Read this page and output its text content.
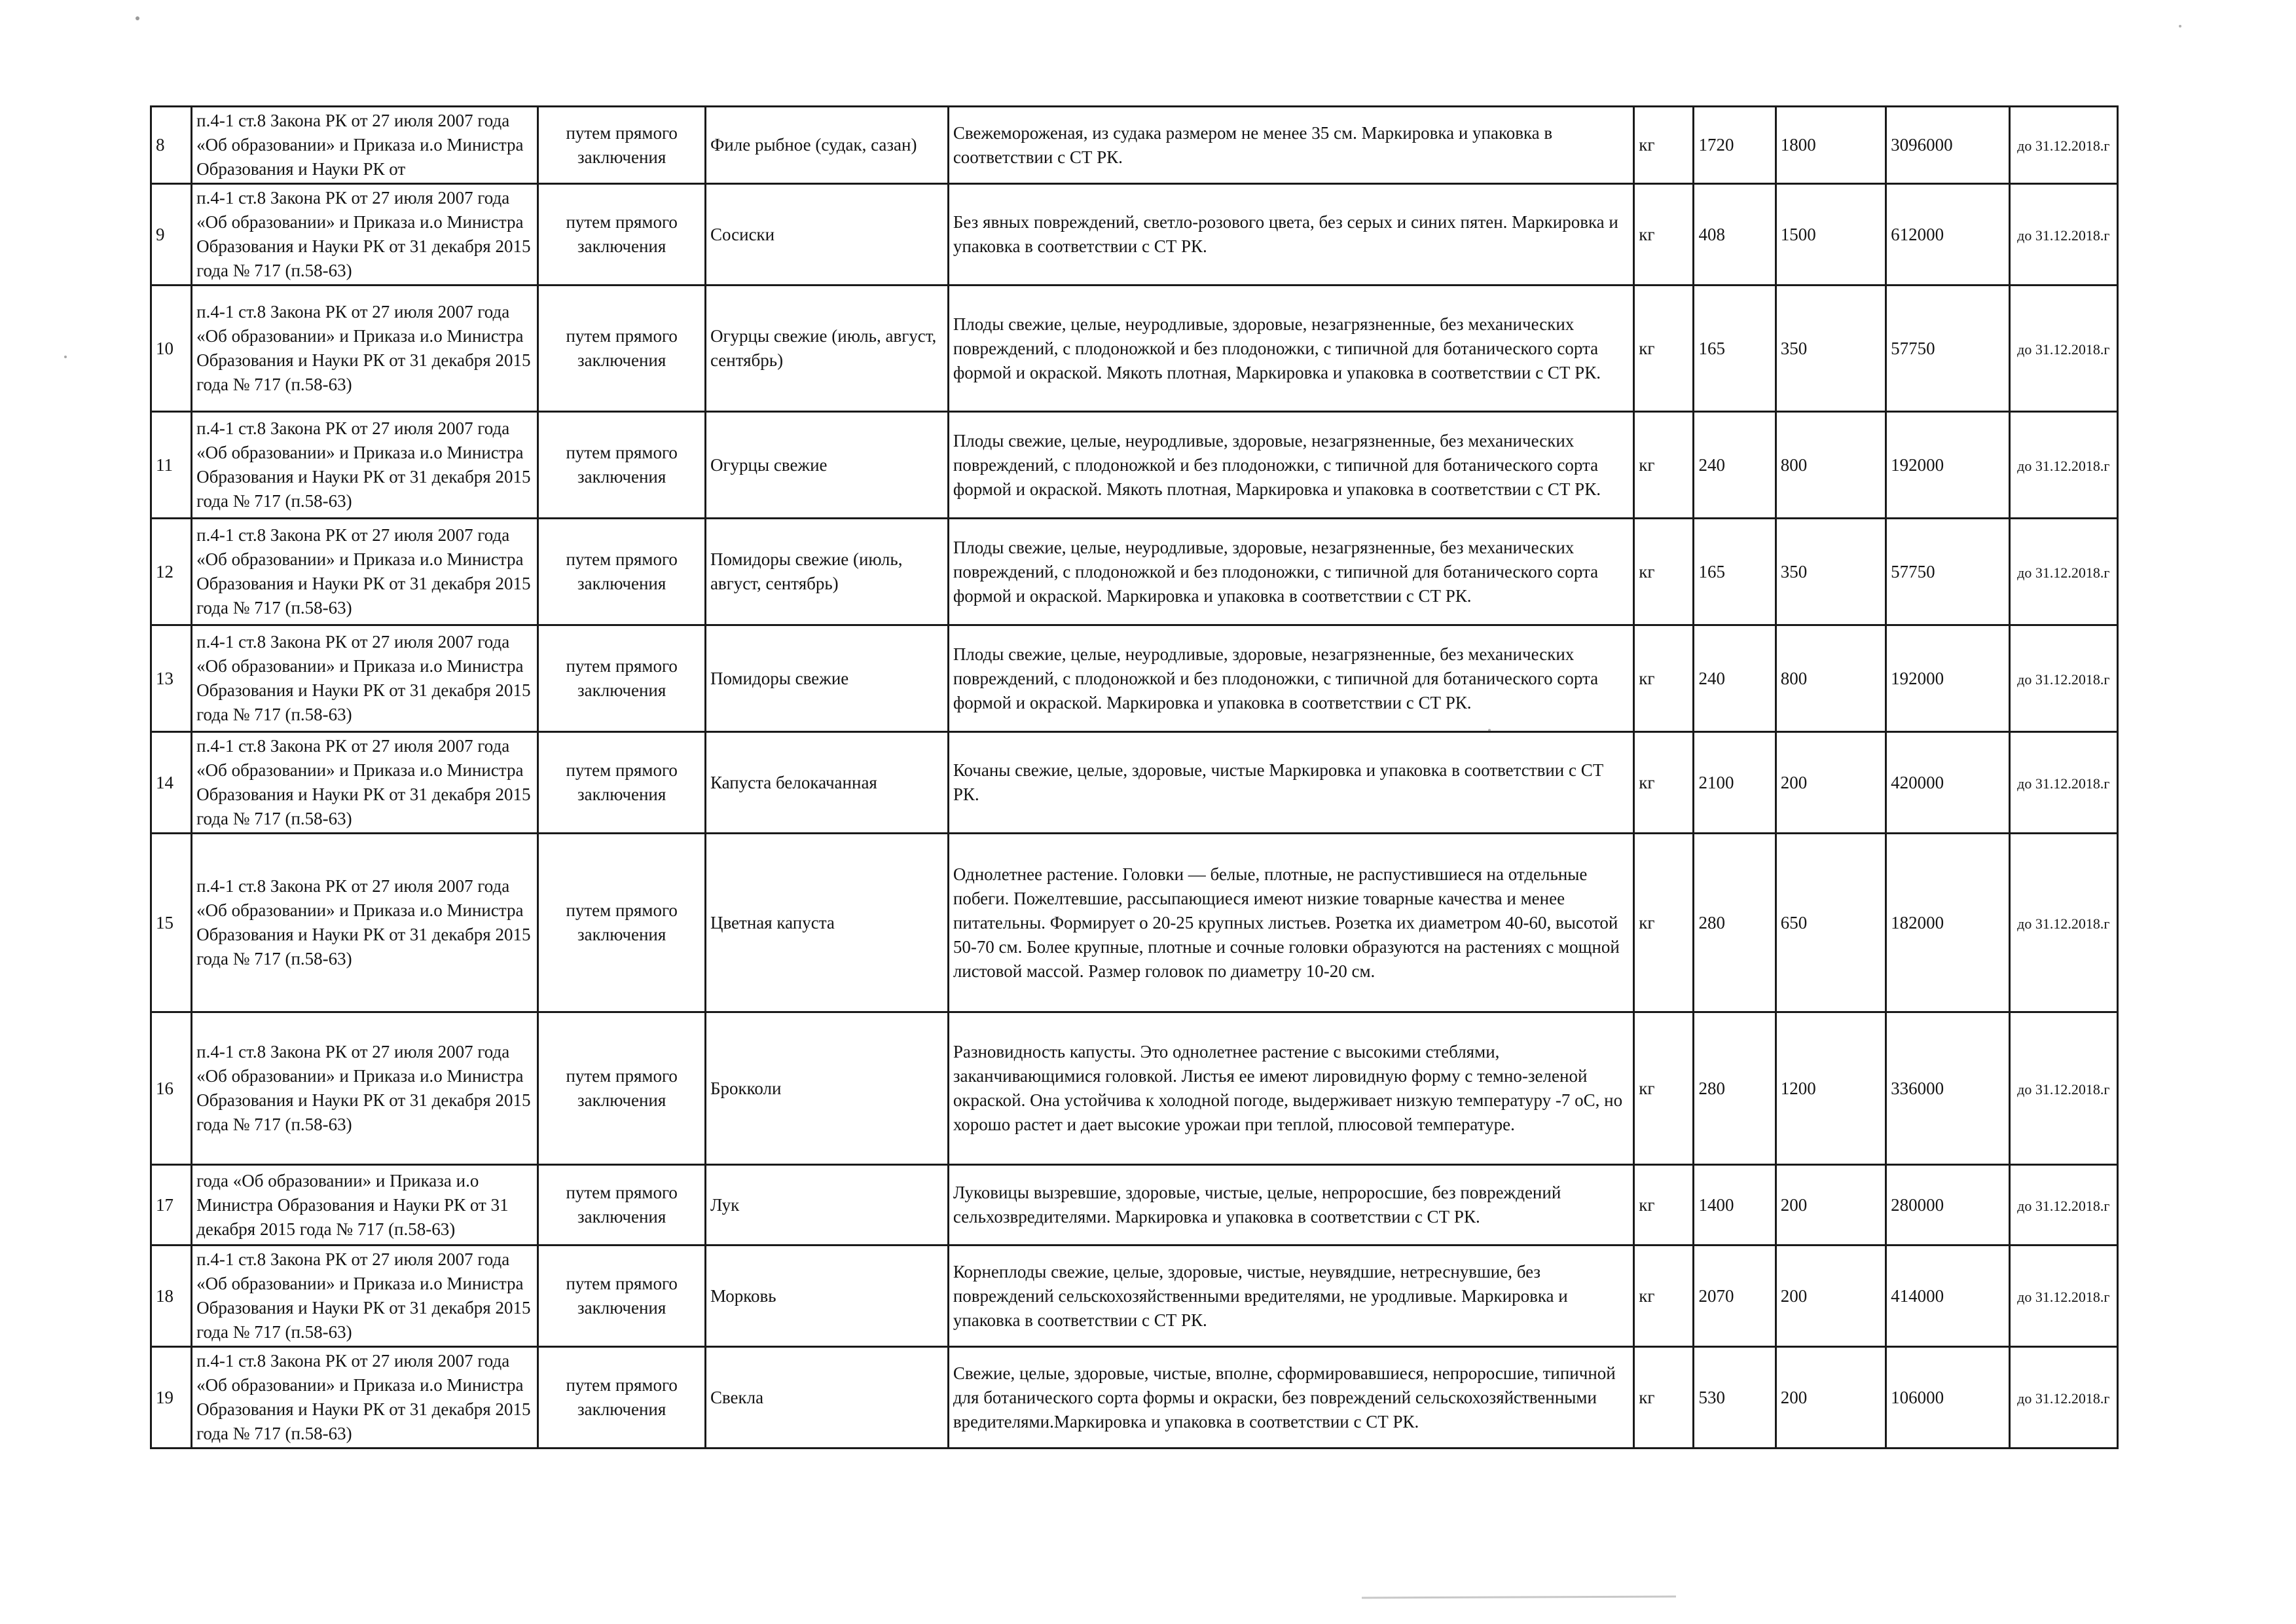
8	п.4-1 ст.8 Закона РК от 27 июля 2007 года «Об образовании» и Приказа и.о Министра Образования и Науки РК от	путем прямого заключения	Филе рыбное (судак, сазан)	Свежемороженая, из судака размером не менее 35 см. Маркировка и упаковка в соответствии с СТ РК.	кг	1720	1800	3096000	до 31.12.2018.г
9	п.4-1 ст.8 Закона РК от 27 июля 2007 года «Об образовании» и Приказа и.о Министра Образования и Науки РК от 31 декабря 2015 года № 717 (п.58-63)	путем прямого заключения	Сосиски	Без явных повреждений, светло-розового цвета, без серых и синих пятен. Маркировка и упаковка в соответствии с СТ РК.	кг	408	1500	612000	до 31.12.2018.г
10	п.4-1 ст.8 Закона РК от 27 июля 2007 года «Об образовании» и Приказа и.о Министра Образования и Науки РК от 31 декабря 2015 года № 717 (п.58-63)	путем прямого заключения	Огурцы свежие (июль, август, сентябрь)	Плоды свежие, целые, неуродливые, здоровые, незагрязненные, без механических повреждений, с плодоножкой и без плодоножки, с типичной для ботанического сорта формой и окраской. Мякоть плотная, Маркировка и упаковка в соответствии с СТ РК.	кг	165	350	57750	до 31.12.2018.г
11	п.4-1 ст.8 Закона РК от 27 июля 2007 года «Об образовании» и Приказа и.о Министра Образования и Науки РК от 31 декабря 2015 года № 717 (п.58-63)	путем прямого заключения	Огурцы свежие	Плоды свежие, целые, неуродливые, здоровые, незагрязненные, без механических повреждений, с плодоножкой и без плодоножки, с типичной для ботанического сорта формой и окраской. Мякоть плотная, Маркировка и упаковка в соответствии с СТ РК.	кг	240	800	192000	до 31.12.2018.г
12	п.4-1 ст.8 Закона РК от 27 июля 2007 года «Об образовании» и Приказа и.о Министра Образования и Науки РК от 31 декабря 2015 года № 717 (п.58-63)	путем прямого заключения	Помидоры свежие (июль, август, сентябрь)	Плоды свежие, целые, неуродливые, здоровые, незагрязненные, без механических повреждений, с плодоножкой и без плодоножки, с типичной для ботанического сорта формой и окраской. Маркировка и упаковка в соответствии с СТ РК.	кг	165	350	57750	до 31.12.2018.г
13	п.4-1 ст.8 Закона РК от 27 июля 2007 года «Об образовании» и Приказа и.о Министра Образования и Науки РК от 31 декабря 2015 года № 717 (п.58-63)	путем прямого заключения	Помидоры свежие	Плоды свежие, целые, неуродливые, здоровые, незагрязненные, без механических повреждений, с плодоножкой и без плодоножки, с типичной для ботанического сорта формой и окраской. Маркировка и упаковка в соответствии с СТ РК.	кг	240	800	192000	до 31.12.2018.г
14	п.4-1 ст.8 Закона РК от 27 июля 2007 года «Об образовании» и Приказа и.о Министра Образования и Науки РК от 31 декабря 2015 года № 717 (п.58-63)	путем прямого заключения	Капуста белокачанная	Кочаны свежие, целые, здоровые, чистые Маркировка и упаковка в соответствии с СТ РК.	кг	2100	200	420000	до 31.12.2018.г
15	п.4-1 ст.8 Закона РК от 27 июля 2007 года «Об образовании» и Приказа и.о Министра Образования и Науки РК от 31 декабря 2015 года № 717 (п.58-63)	путем прямого заключения	Цветная капуста	Однолетнее растение. Головки — белые, плотные, не распустившиеся на отдельные побеги. Пожелтевшие, рассыпающиеся имеют низкие товарные качества и менее питательны. Формирует о 20-25 крупных листьев. Розетка их диаметром 40-60, высотой 50-70 см. Более крупные, плотные и сочные головки образуются на растениях с мощной листовой массой. Размер головок по диаметру 10-20 см.	кг	280	650	182000	до 31.12.2018.г
16	п.4-1 ст.8 Закона РК от 27 июля 2007 года «Об образовании» и Приказа и.о Министра Образования и Науки РК от 31 декабря 2015 года № 717 (п.58-63)	путем прямого заключения	Брокколи	Разновидность капусты. Это однолетнее растение с высокими стеблями, заканчивающимися головкой. Листья ее имеют лировидную форму с темно-зеленой окраской. Она устойчива к холодной погоде, выдерживает низкую температуру -7 оС, но хорошо растет и дает высокие урожаи при теплой, плюсовой температуре.	кг	280	1200	336000	до 31.12.2018.г
17	года «Об образовании» и Приказа и.о Министра Образования и Науки РК от 31 декабря 2015 года № 717 (п.58-63)	путем прямого заключения	Лук	Луковицы вызревшие, здоровые, чистые, целые, непроросшие, без повреждений сельхозвредителями. Маркировка и упаковка в соответствии с СТ РК.	кг	1400	200	280000	до 31.12.2018.г
18	п.4-1 ст.8 Закона РК от 27 июля 2007 года «Об образовании» и Приказа и.о Министра Образования и Науки РК от 31 декабря 2015 года № 717 (п.58-63)	путем прямого заключения	Морковь	Корнеплоды свежие, целые, здоровые, чистые, неувядшие, нетреснувшие, без повреждений сельскохозяйственными вредителями, не уродливые. Маркировка и упаковка в соответствии с СТ РК.	кг	2070	200	414000	до 31.12.2018.г
19	п.4-1 ст.8 Закона РК от 27 июля 2007 года «Об образовании» и Приказа и.о Министра Образования и Науки РК от 31 декабря 2015 года № 717 (п.58-63)	путем прямого заключения	Свекла	Свежие, целые, здоровые, чистые, вполне, сформировавшиеся, непроросшие, типичной для ботанического сорта формы и окраски, без повреждений сельскохозяйственными вредителями.Маркировка и упаковка в соответствии с СТ РК.	кг	530	200	106000	до 31.12.2018.г
